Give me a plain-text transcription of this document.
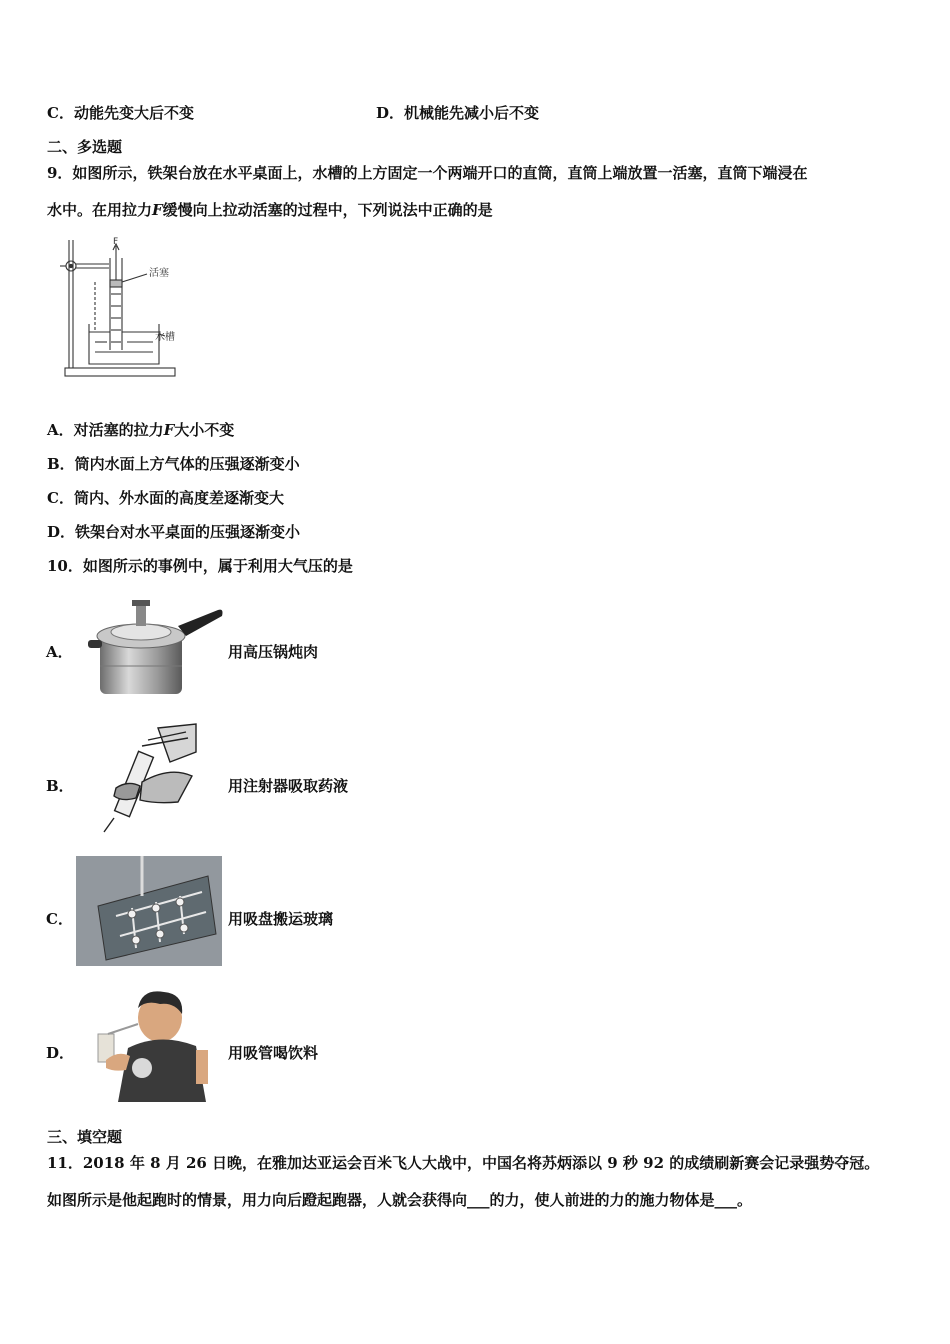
C．动能先变大后不变	D．机械能先减小后不变
二、多选题
9．如图所示，铁架台放在水平桌面上，水槽的上方固定一个两端开口的直筒，直筒上端放置一活塞，直筒下端浸在
水中。在用拉力F缓慢向上拉动活塞的过程中，下列说法中正确的是
F
活塞
水槽
A．对活塞的拉力F大小不变
B．筒内水面上方气体的压强逐渐变小
C．筒内、外水面的高度差逐渐变大
D．铁架台对水平桌面的压强逐渐变小
10．如图所示的事例中，属于利用大气压的是
A．	用高压锅炖肉
B．	用注射器吸取药液
C．	用吸盘搬运玻璃
D．	用吸管喝饮料
三、填空题
11．2018 年 8 月 26 日晚，在雅加达亚运会百米飞人大战中，中国名将苏炳添以 9 秒 92 的成绩刷新赛会记录强势夺冠。
如图所示是他起跑时的情景，用力向后蹬起跑器，人就会获得向___的力，使人前进的力的施力物体是___。
